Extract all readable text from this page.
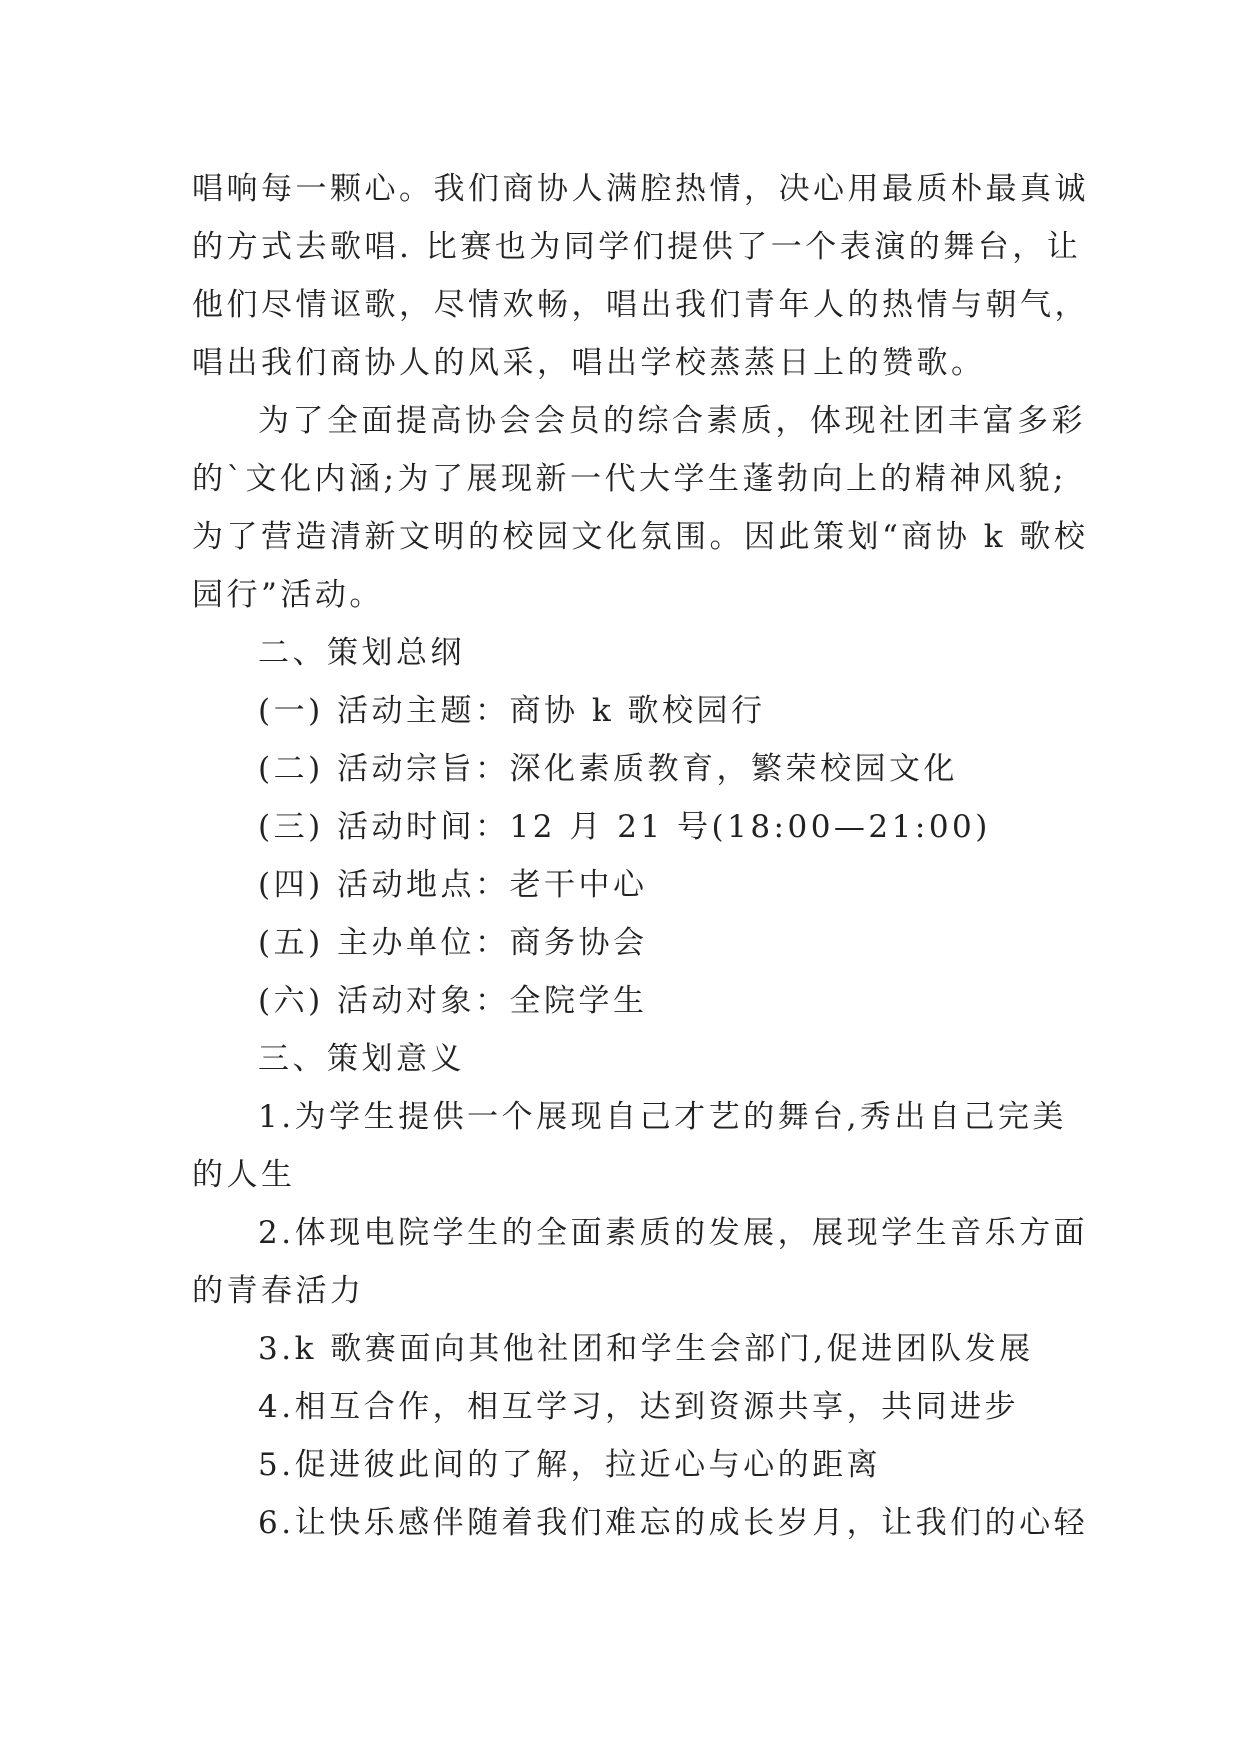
唱响每一颗心。我们商协人满腔热情，决心用最质朴最真诚
的方式去歌唱. 比赛也为同学们提供了一个表演的舞台，让
他们尽情讴歌，尽情欢畅，唱出我们青年人的热情与朝气，
唱出我们商协人的风采，唱出学校蒸蒸日上的赞歌。
为了全面提高协会会员的综合素质，体现社团丰富多彩
的`文化内涵;为了展现新一代大学生蓬勃向上的精神风貌;
为了营造清新文明的校园文化氛围。因此策划“商协 k 歌校
园行”活动。
二、策划总纲
(一) 活动主题：商协 k 歌校园行
(二) 活动宗旨：深化素质教育，繁荣校园文化
(三) 活动时间：12 月 21 号(18:00—21:00)
(四) 活动地点：老干中心
(五) 主办单位：商务协会
(六) 活动对象：全院学生
三、策划意义
1.为学生提供一个展现自己才艺的舞台,秀出自己完美
的人生
2.体现电院学生的全面素质的发展，展现学生音乐方面
的青春活力
3.k 歌赛面向其他社团和学生会部门,促进团队发展
4.相互合作，相互学习，达到资源共享，共同进步
5.促进彼此间的了解，拉近心与心的距离
6.让快乐感伴随着我们难忘的成长岁月，让我们的心轻
